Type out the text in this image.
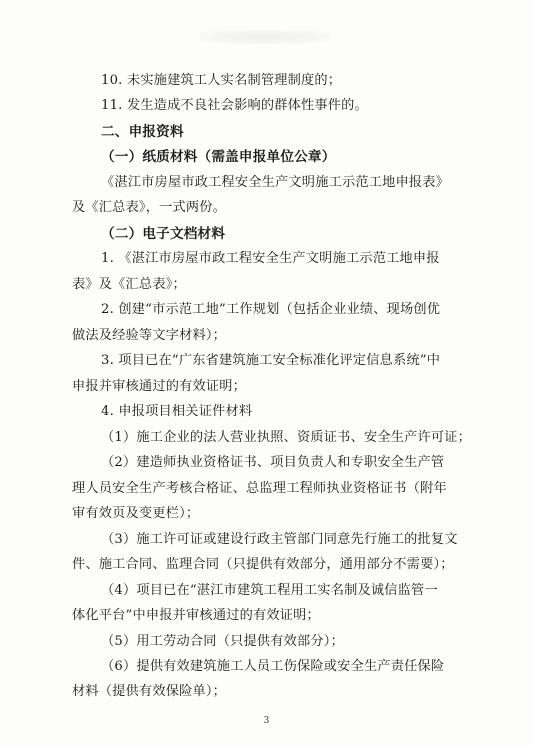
10. 未实施建筑工人实名制管理制度的；
11. 发生造成不良社会影响的群体性事件的。
二、申报资料
（一）纸质材料（需盖申报单位公章）
《湛江市房屋市政工程安全生产文明施工示范工地申报表》
及《汇总表》，一式两份。
（二）电子文档材料
1. 《湛江市房屋市政工程安全生产文明施工示范工地申报
表》及《汇总表》；
2. 创建“市示范工地”工作规划（包括企业业绩、现场创优
做法及经验等文字材料）；
3. 项目已在“广东省建筑施工安全标准化评定信息系统”中
申报并审核通过的有效证明；
4. 申报项目相关证件材料
（1）施工企业的法人营业执照、资质证书、安全生产许可证；
（2）建造师执业资格证书、项目负责人和专职安全生产管
理人员安全生产考核合格证、总监理工程师执业资格证书（附年
审有效页及变更栏）；
（3）施工许可证或建设行政主管部门同意先行施工的批复文
件、施工合同、监理合同（只提供有效部分，通用部分不需要）；
（4）项目已在“湛江市建筑工程用工实名制及诚信监管一
体化平台”中申报并审核通过的有效证明；
（5）用工劳动合同（只提供有效部分）；
（6）提供有效建筑施工人员工伤保险或安全生产责任保险
材料（提供有效保险单）；
3
